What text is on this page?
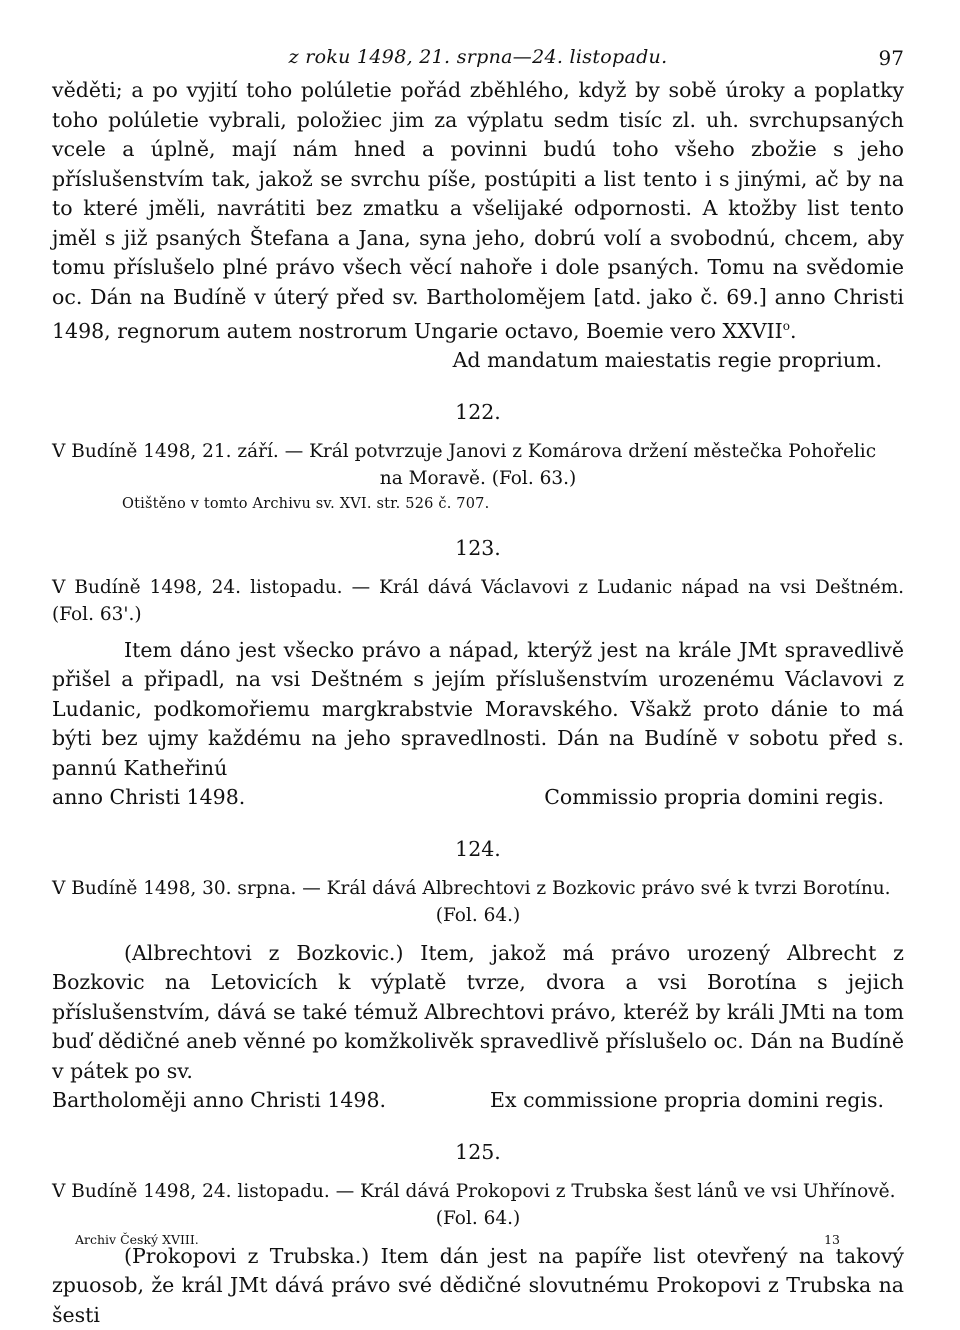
z roku 1498, 21. srpna—24. listopadu.	97

věděti; a po vyjití toho polúletie pořád zběhlého, když by sobě úroky a poplatky toho polúletie vybrali, položiec jim za výplatu sedm tisíc zl. uh. svrchupsaných vcele a úplně, mají nám hned a povinni budú toho všeho zbožie s jeho příslušenstvím tak, jakož se svrchu píše, postúpiti a list tento i s jinými, ač by na to které jměli, navrátiti bez zmatku a všelijaké odpornosti. A ktožby list tento jměl s již psaných Štefana a Jana, syna jeho, dobrú volí a svobodnú, chcem, aby tomu příslušelo plné právo všech věcí nahoře i dole psaných. Tomu na svědomie oc. Dán na Budíně v úterý před sv. Bartholomějem [atd. jako č. 69.] anno Christi 1498, regnorum autem nostrorum Ungarie octavo, Boemie vero XXVII$^o$.

Ad mandatum maiestatis regie proprium.

122.

V Budíně 1498, 21. září. — Král potvrzuje Janovi z Komárova držení městečka Pohořelic

na Moravě. (Fol. 63.)

Otištěno v tomto Archivu sv. XVI. str. 526 č. 707.
123.

V Budíně 1498, 24. listopadu. — Král dává Václavovi z Ludanic nápad na vsi Deštném. (Fol. 63'.)

Item dáno jest všecko právo a nápad, kterýž jest na krále JMt spravedlivě přišel a připadl, na vsi Deštném s jejím příslušenstvím urozenému Václavovi z Ludanic, podkomořiemu margkrabstvie Moravského. Všakž proto dánie to má býti bez ujmy každému na jeho spravedlnosti. Dán na Budíně v sobotu před s. pannú Katheřinú

anno Christi 1498.	Commissio propria domini regis.
124.

V Budíně 1498, 30. srpna. — Král dává Albrechtovi z Bozkovic právo své k tvrzi Borotínu.

(Fol. 64.)

(Albrechtovi z Bozkovic.) Item, jakož má právo urozený Albrecht z Bozkovic na Letovicích k výplatě tvrze, dvora a vsi Borotína s jejich příslušenstvím, dává se také témuž Albrechtovi právo, kteréž by králi JMti na tom buď dědičné aneb věnné po komžkolivěk spravedlivě příslušelo oc. Dán na Budíně v pátek po sv.

Bartholoměji anno Christi 1498.	Ex commissione propria domini regis.
125.

V Budíně 1498, 24. listopadu. — Král dává Prokopovi z Trubska šest lánů ve vsi Uhřínově.

(Fol. 64.)

(Prokopovi z Trubska.) Item dán jest na papíře list otevřený na takový zpuosob, že král JMt dává právo své dědičné slovutnému Prokopovi z Trubska na šesti

Archiv Český XVIII.	13
